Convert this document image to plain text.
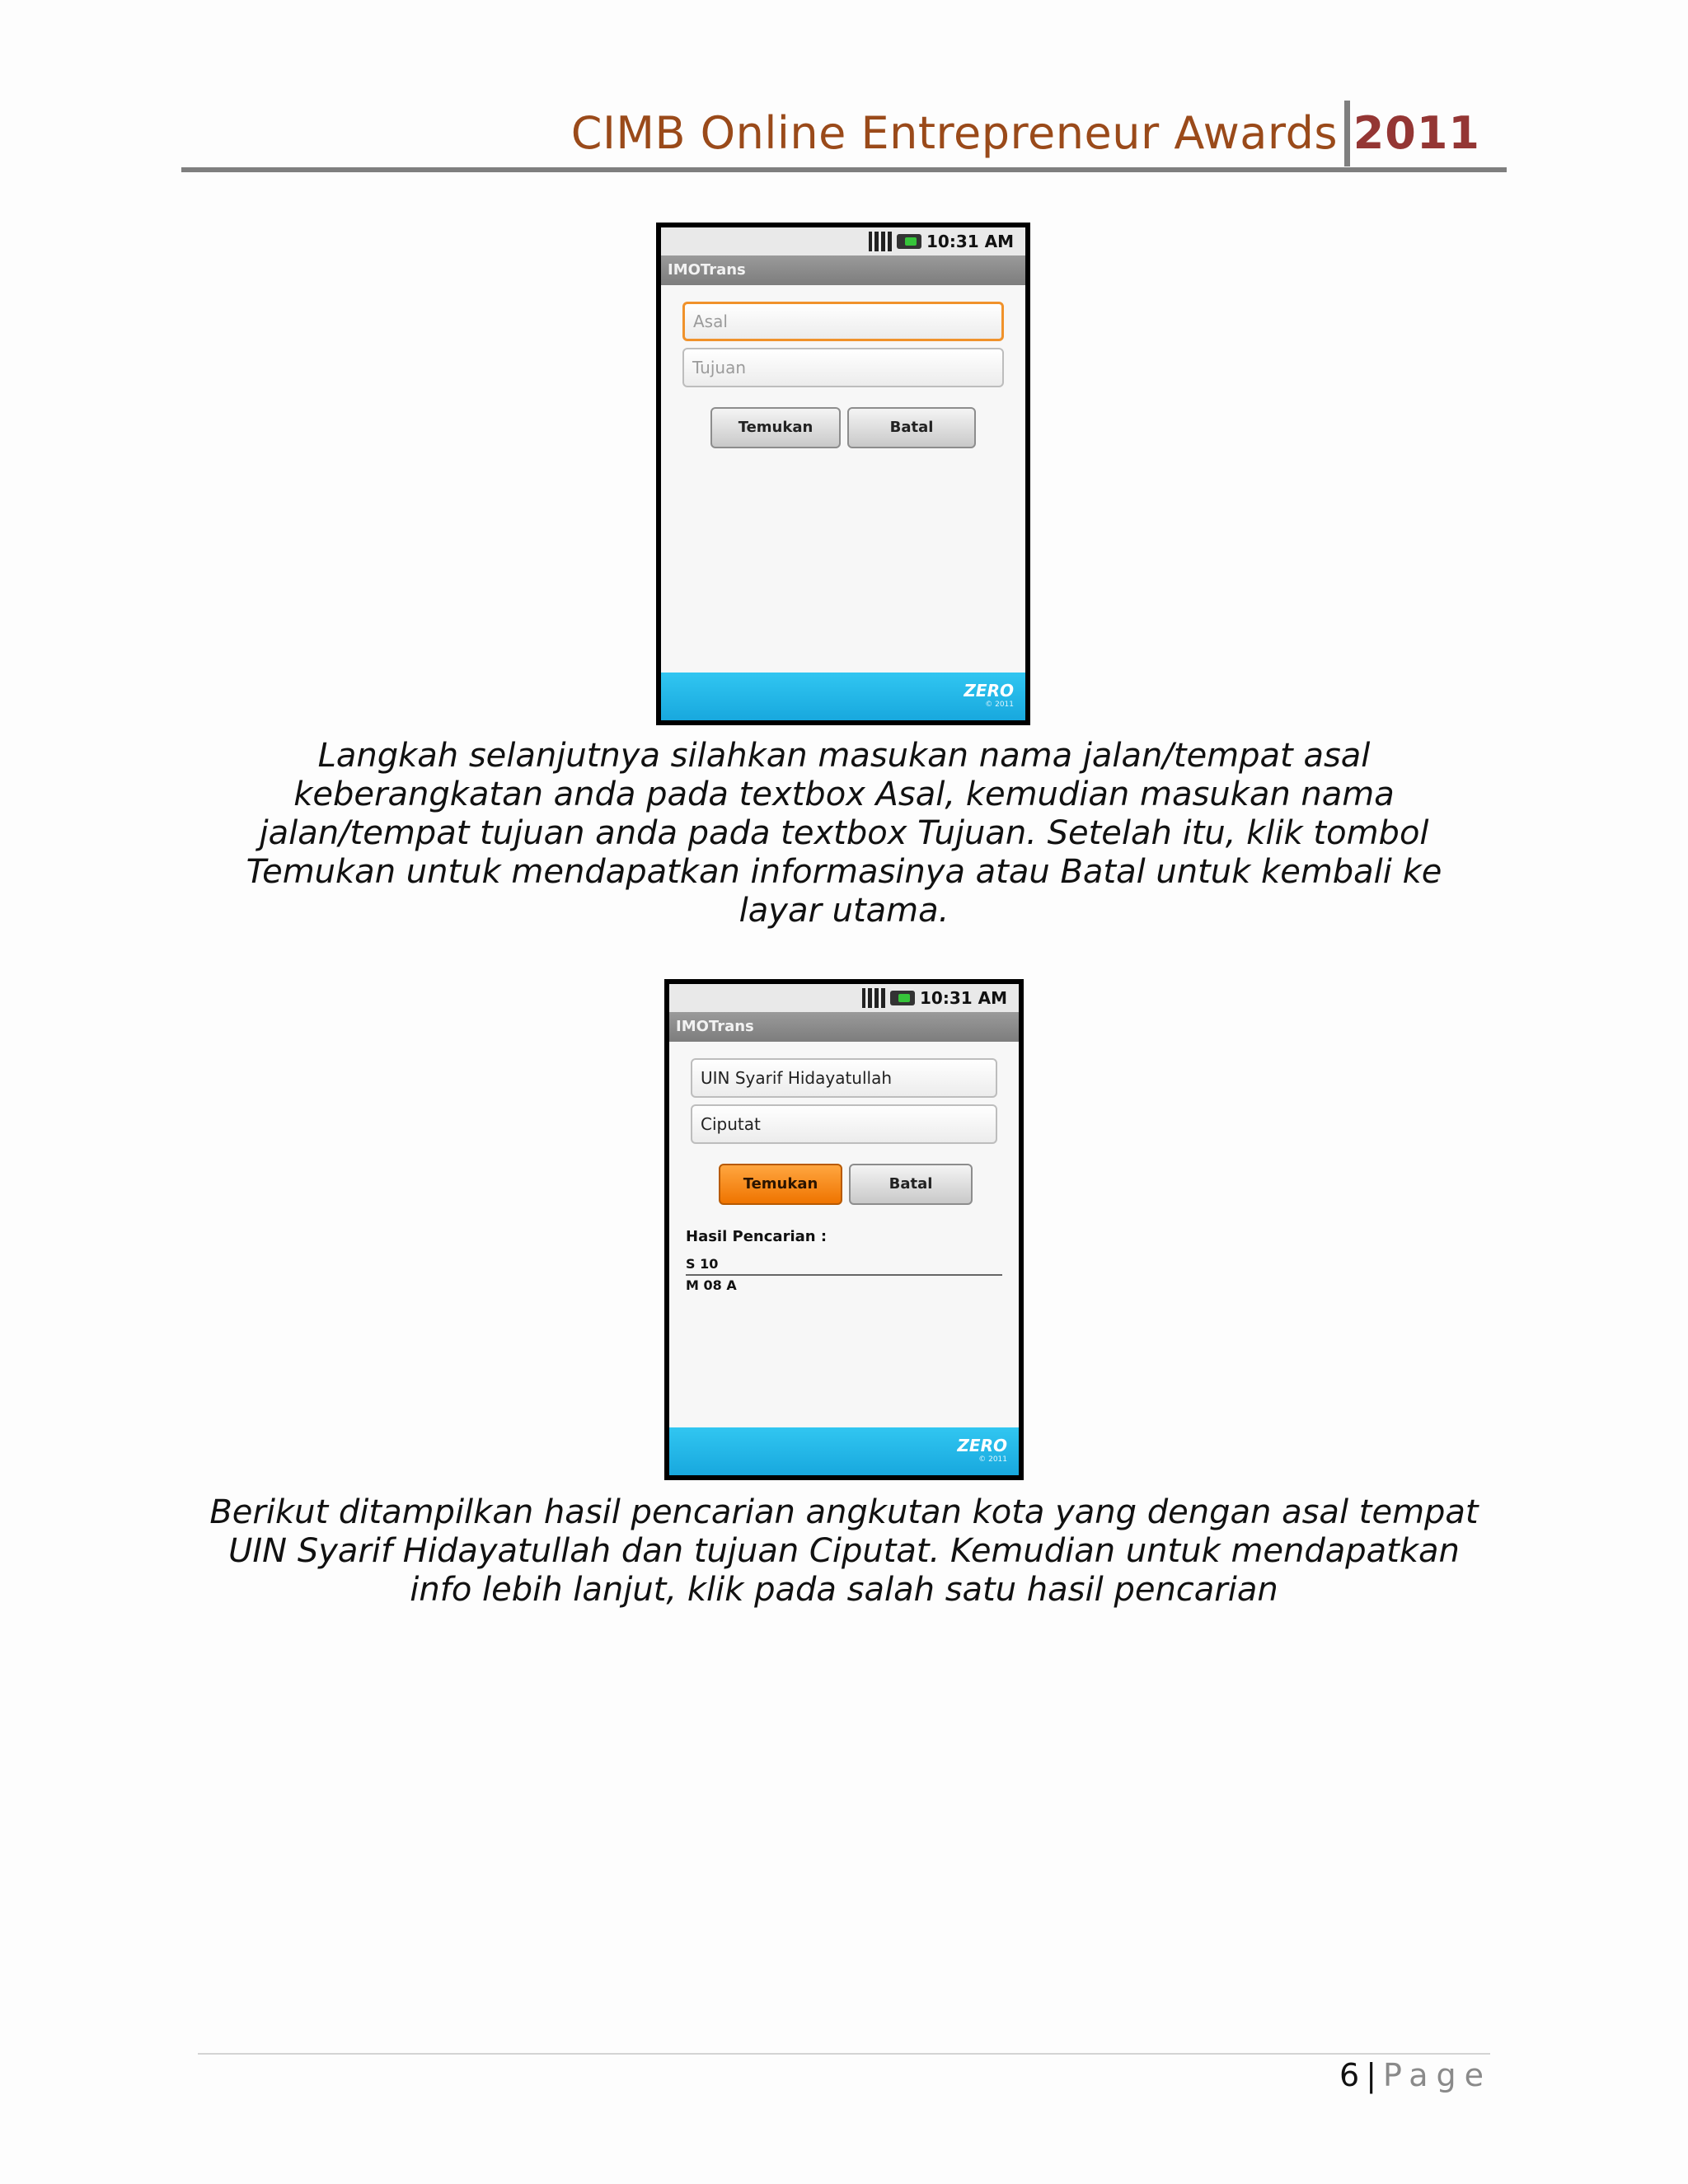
CIMB Online Entrepreneur Awards 2011
10:31 AM
IMOTrans
Asal
Tujuan
Temukan	Batal
ZERO
© 2011
Langkah selanjutnya silahkan masukan nama jalan/tempat asal
keberangkatan anda pada textbox Asal, kemudian masukan nama
jalan/tempat tujuan anda pada textbox Tujuan. Setelah itu, klik tombol
Temukan untuk mendapatkan informasinya atau Batal untuk kembali ke
layar utama.
10:31 AM
IMOTrans
UIN Syarif Hidayatullah
Ciputat
Temukan	Batal
Hasil Pencarian :
S 10
M 08 A
ZERO
© 2011
Berikut ditampilkan hasil pencarian angkutan kota yang dengan asal tempat
UIN Syarif Hidayatullah dan tujuan Ciputat. Kemudian untuk mendapatkan
info lebih lanjut, klik pada salah satu hasil pencarian
6 | Page
